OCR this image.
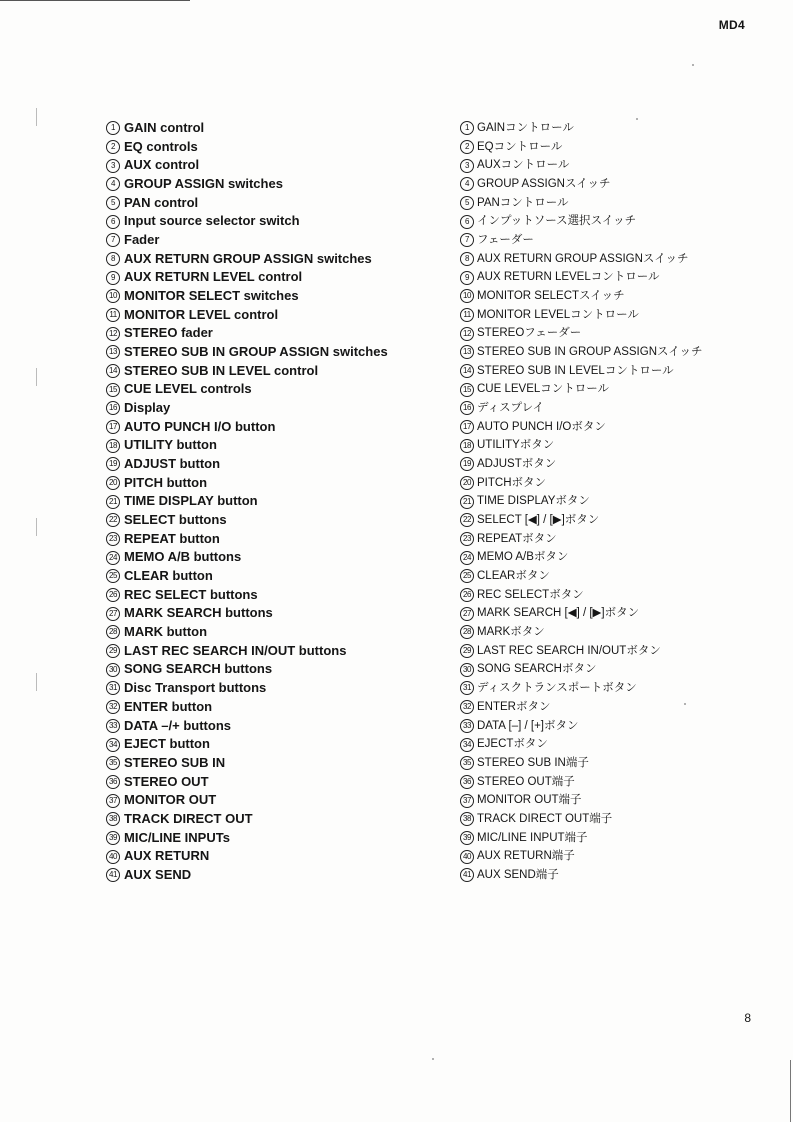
MD4
1 GAIN control
2 EQ controls
3 AUX control
4 GROUP ASSIGN switches
5 PAN control
6 Input source selector switch
7 Fader
8 AUX RETURN GROUP ASSIGN switches
9 AUX RETURN LEVEL control
10 MONITOR SELECT switches
11 MONITOR LEVEL control
12 STEREO fader
13 STEREO SUB IN GROUP ASSIGN switches
14 STEREO SUB IN LEVEL control
15 CUE LEVEL controls
16 Display
17 AUTO PUNCH I/O button
18 UTILITY button
19 ADJUST button
20 PITCH button
21 TIME DISPLAY button
22 SELECT buttons
23 REPEAT button
24 MEMO A/B buttons
25 CLEAR button
26 REC SELECT buttons
27 MARK SEARCH buttons
28 MARK button
29 LAST REC SEARCH IN/OUT buttons
30 SONG SEARCH buttons
31 Disc Transport buttons
32 ENTER button
33 DATA –/+ buttons
34 EJECT button
35 STEREO SUB IN
36 STEREO OUT
37 MONITOR OUT
38 TRACK DIRECT OUT
39 MIC/LINE INPUTs
40 AUX RETURN
41 AUX SEND
1 GAINコントロール
2 EQコントロール
3 AUXコントロール
4 GROUP ASSIGNスイッチ
5 PANコントロール
6 インプットソース選択スイッチ
7 フェーダー
8 AUX RETURN GROUP ASSIGNスイッチ
9 AUX RETURN LEVELコントロール
10 MONITOR SELECTスイッチ
11 MONITOR LEVELコントロール
12 STEREOフェーダー
13 STEREO SUB IN GROUP ASSIGNスイッチ
14 STEREO SUB IN LEVELコントロール
15 CUE LEVELコントロール
16 ディスプレイ
17 AUTO PUNCH I/Oボタン
18 UTILITYボタン
19 ADJUSTボタン
20 PITCHボタン
21 TIME DISPLAYボタン
22 SELECT [◀] / [▶]ボタン
23 REPEATボタン
24 MEMO A/Bボタン
25 CLEARボタン
26 REC SELECTボタン
27 MARK SEARCH [◀] / [▶]ボタン
28 MARKボタン
29 LAST REC SEARCH IN/OUTボタン
30 SONG SEARCHボタン
31 ディスクトランスポートボタン
32 ENTERボタン
33 DATA [–] / [+]ボタン
34 EJECTボタン
35 STEREO SUB IN端子
36 STEREO OUT端子
37 MONITOR OUT端子
38 TRACK DIRECT OUT端子
39 MIC/LINE INPUT端子
40 AUX RETURN端子
41 AUX SEND端子
8
